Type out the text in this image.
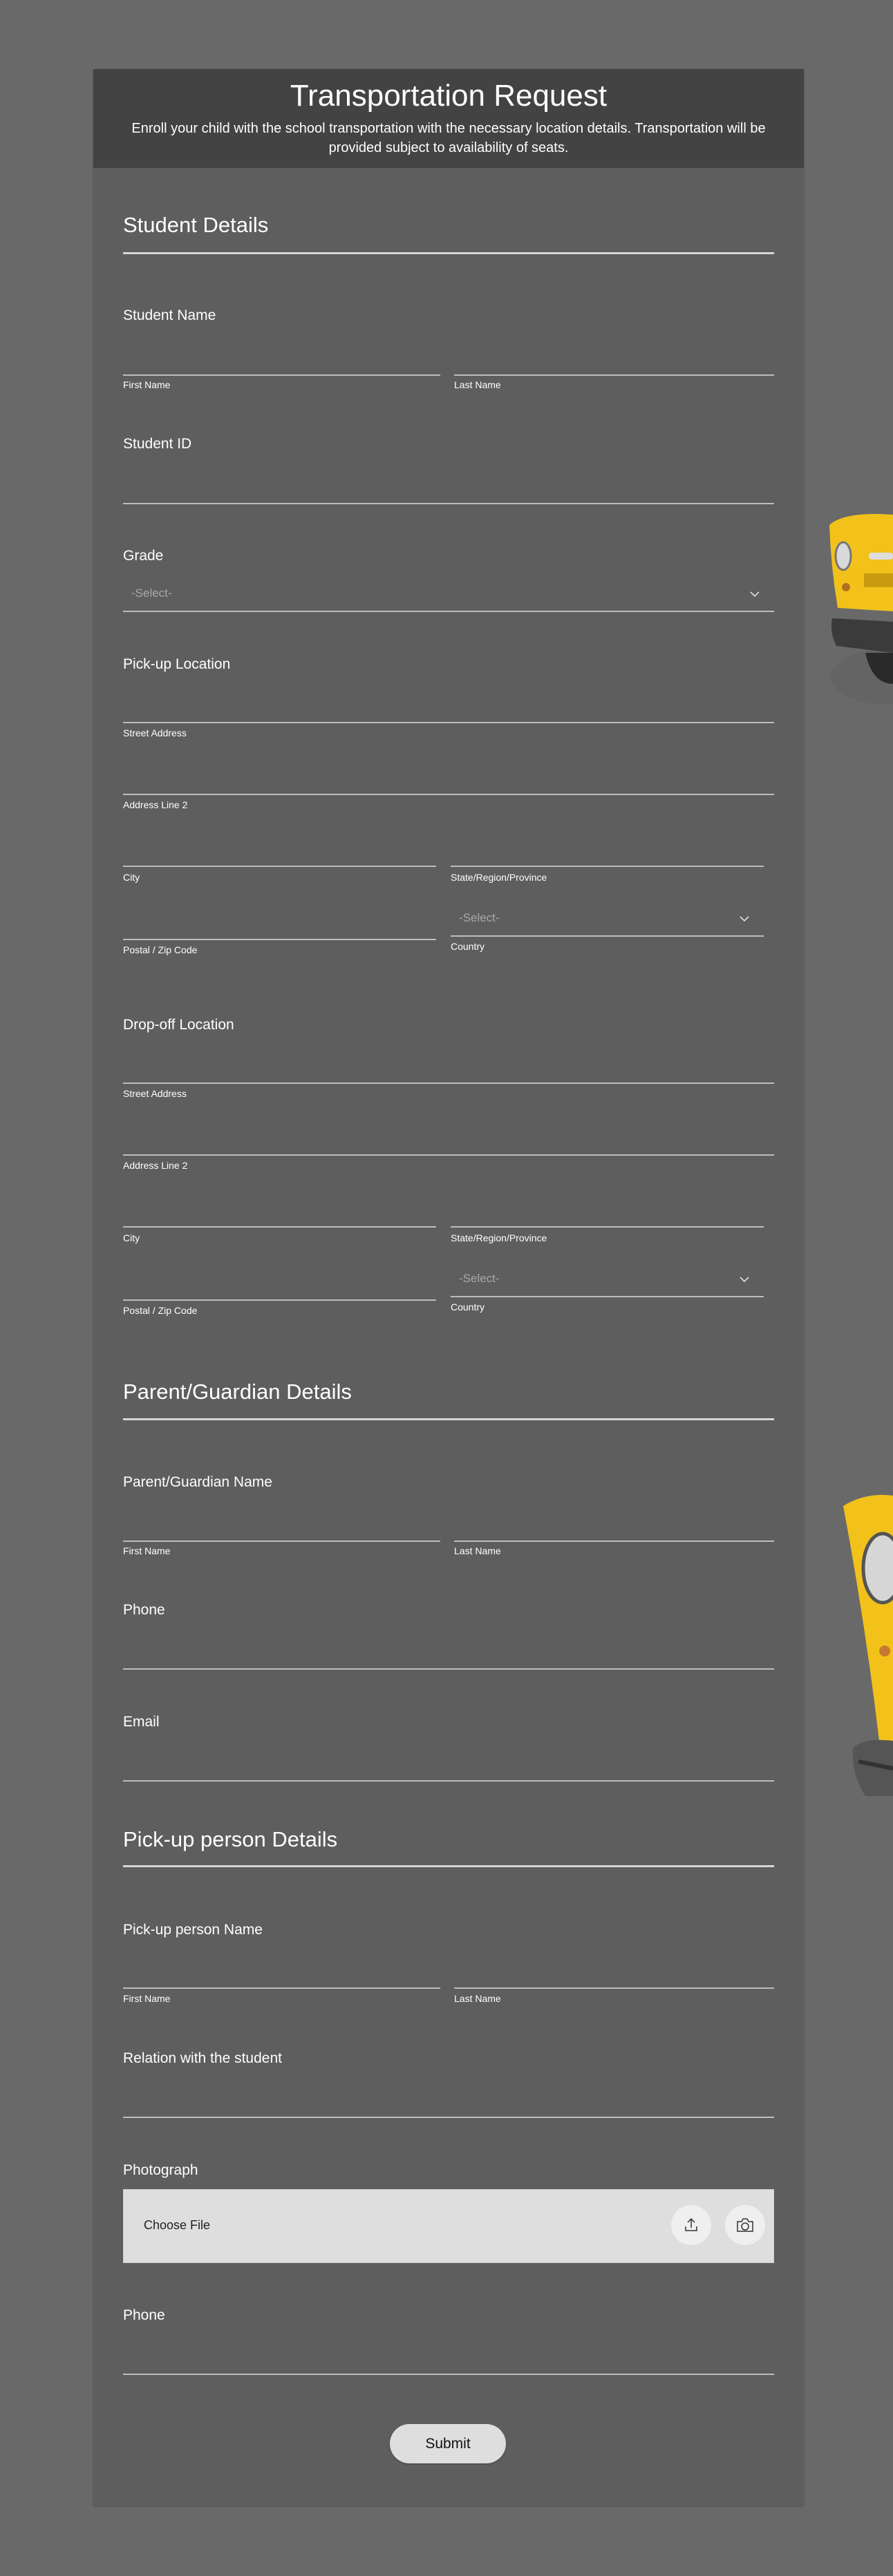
Transportation Request
Enroll your child with the school transportation with the necessary location details. Transportation will be provided subject to availability of seats.
Student Details
Student Name
First Name	Last Name
Student ID
Grade
-Select-
Pick-up Location
Street Address
Address Line 2
City	State/Region/Province
Postal / Zip Code
-Select-
Country
Drop-off Location
Street Address
Address Line 2
City	State/Region/Province
Postal / Zip Code
-Select-
Country
Parent/Guardian Details
Parent/Guardian Name
First Name	Last Name
Phone
Email
Pick-up person Details
Pick-up person Name
First Name	Last Name
Relation with the student
Photograph
Choose File
Phone
Submit
